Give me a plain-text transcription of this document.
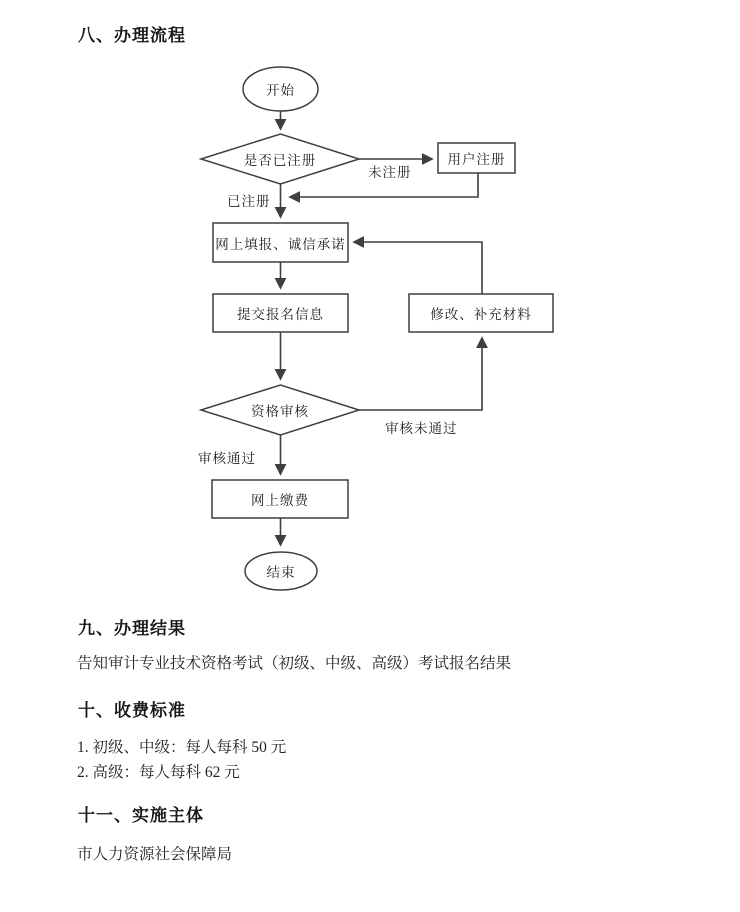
八、办理流程
开始
是否已注册	用户注册
网上填报、诚信承诺
提交报名信息	修改、补充材料
资格审核
网上缴费
结束
未注册
已注册
审核未通过
审核通过
九、办理结果
告知审计专业技术资格考试（初级、中级、高级）考试报名结果
十、收费标准
1. 初级、中级：每人每科 50 元
2. 高级：每人每科 62 元
十一、实施主体
市人力资源社会保障局
